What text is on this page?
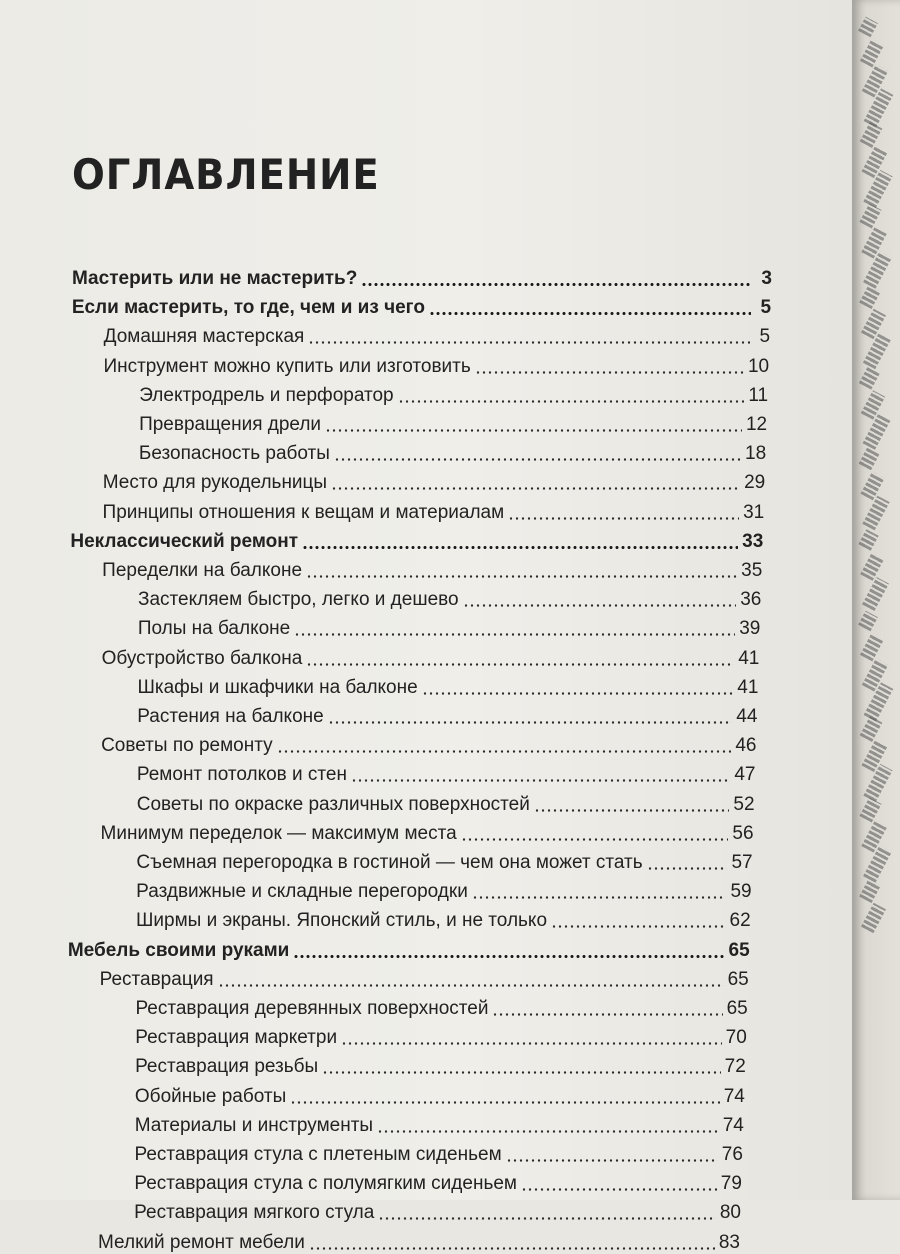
ОГЛАВЛЕНИЕ
Мастерить или не мастерить?	3
Если мастерить, то где, чем и из чего	5
Домашняя мастерская	5
Инструмент можно купить или изготовить	10
Электродрель и перфоратор	11
Превращения дрели	12
Безопасность работы	18
Место для рукодельницы	29
Принципы отношения к вещам и материалам	31
Неклассический ремонт	33
Переделки на балконе	35
Застекляем быстро, легко и дешево	36
Полы на балконе	39
Обустройство балкона	41
Шкафы и шкафчики на балконе	41
Растения на балконе	44
Советы по ремонту	46
Ремонт потолков и стен	47
Советы по окраске различных поверхностей	52
Минимум переделок — максимум места	56
Съемная перегородка в гостиной — чем она может стать	57
Раздвижные и складные перегородки	59
Ширмы и экраны. Японский стиль, и не только	62
Мебель своими руками	65
Реставрация	65
Реставрация деревянных поверхностей	65
Реставрация маркетри	70
Реставрация резьбы	72
Обойные работы	74
Материалы и инструменты	74
Реставрация стула с плетеным сиденьем	76
Реставрация стула с полумягким сиденьем	79
Реставрация мягкого стула	80
Мелкий ремонт мебели	83
